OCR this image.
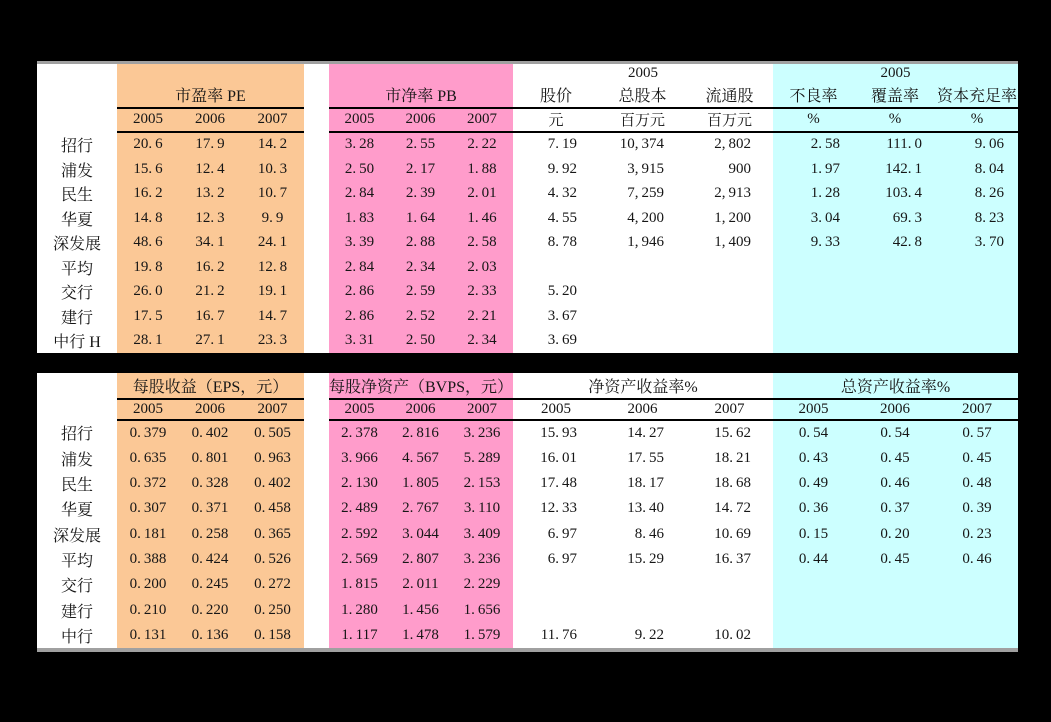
								2005			2005		
	市盈率 PE				市净率 PB			股价	总股本	流通股	不良率	覆盖率	资本充足率
	2005	2006	2007		2005	2006	2007	元	百万元	百万元	%	%	%
招行	20. 6	17. 9	14. 2		3. 28	2. 55	2. 22	7. 19	10, 374	2, 802	2. 58	111. 0	9. 06
浦发	15. 6	12. 4	10. 3		2. 50	2. 17	1. 88	9. 92	3, 915	900	1. 97	142. 1	8. 04
民生	16. 2	13. 2	10. 7		2. 84	2. 39	2. 01	4. 32	7, 259	2, 913	1. 28	103. 4	8. 26
华夏	14. 8	12. 3	9. 9		1. 83	1. 64	1. 46	4. 55	4, 200	1, 200	3. 04	69. 3	8. 23
深发展	48. 6	34. 1	24. 1		3. 39	2. 88	2. 58	8. 78	1, 946	1, 409	9. 33	42. 8	3. 70
平均	19. 8	16. 2	12. 8		2. 84	2. 34	2. 03						

交行	26. 0	21. 2	19. 1		2. 86	2. 59	2. 33	5. 20					
建行	17. 5	16. 7	14. 7		2. 86	2. 52	2. 21	3. 67					
中行 H	28. 1	27. 1	23. 3		3. 31	2. 50	2. 34	3. 69					
	每股收益（EPS，元）				每股净资产（BVPS，元）			净资产收益率%			总资产收益率%		
	2005	2006	2007		2005	2006	2007	2005	2006	2007	2005	2006	2007
招行	0. 379	0. 402	0. 505		2. 378	2. 816	3. 236	15. 93	14. 27	15. 62	0. 54	0. 54	0. 57
浦发	0. 635	0. 801	0. 963		3. 966	4. 567	5. 289	16. 01	17. 55	18. 21	0. 43	0. 45	0. 45
民生	0. 372	0. 328	0. 402		2. 130	1. 805	2. 153	17. 48	18. 17	18. 68	0. 49	0. 46	0. 48
华夏	0. 307	0. 371	0. 458		2. 489	2. 767	3. 110	12. 33	13. 40	14. 72	0. 36	0. 37	0. 39
深发展	0. 181	0. 258	0. 365		2. 592	3. 044	3. 409	6. 97	8. 46	10. 69	0. 15	0. 20	0. 23
平均	0. 388	0. 424	0. 526		2. 569	2. 807	3. 236	6. 97	15. 29	16. 37	0. 44	0. 45	0. 46

交行	0. 200	0. 245	0. 272		1. 815	2. 011	2. 229						
建行	0. 210	0. 220	0. 250		1. 280	1. 456	1. 656						
中行	0. 131	0. 136	0. 158		1. 117	1. 478	1. 579	11. 76	9. 22	10. 02			
